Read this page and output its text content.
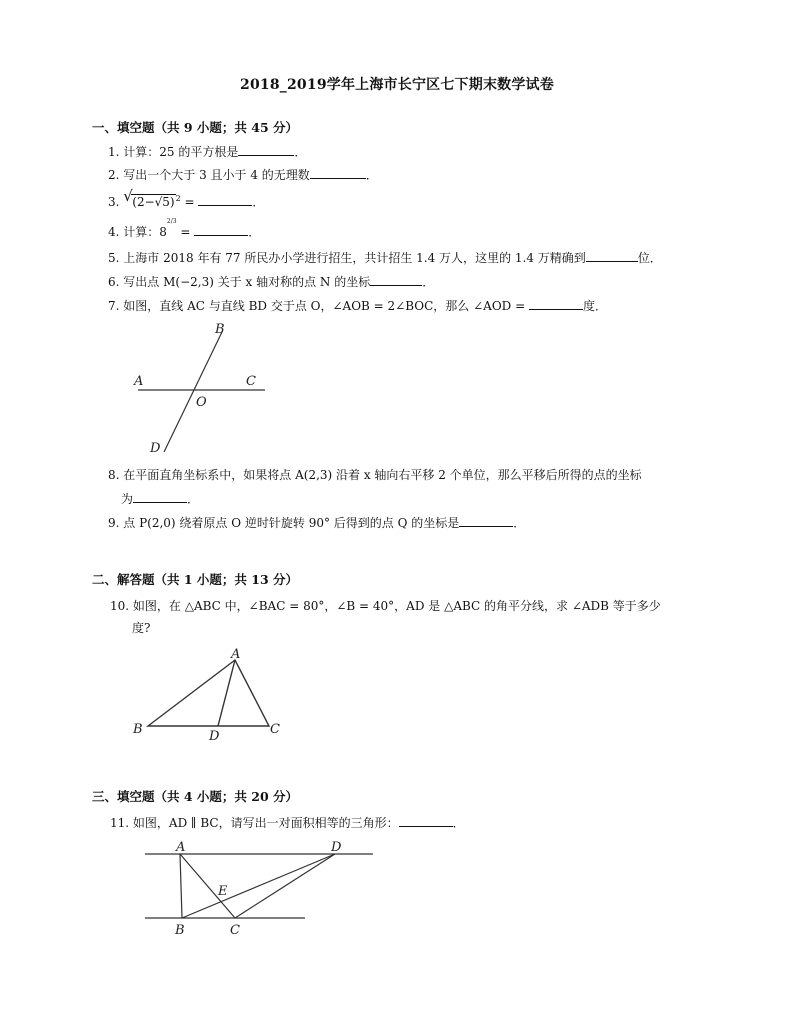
2018_2019学年上海市长宁区七下期末数学试卷
一、填空题（共 9 小题；共 45 分）
1. 计算：25 的平方根是	．
2. 写出一个大于 3 且小于 4 的无理数	．
3. √ $(2-√5)^2$ =	．
4. 计算：$8^{2/3}$ =	．
5. 上海市 2018 年有 77 所民办小学进行招生，共计招生 1.4 万人，这里的 1.4 万精确到	位．
6. 写出点 M(−2,3) 关于 x 轴对称的点 N 的坐标	．
7. 如图，直线 AC 与直线 BD 交于点 O，∠AOB = 2∠BOC，那么 ∠AOD =	度．
B
A	C
O
D
8. 在平面直角坐标系中，如果将点 A(2,3) 沿着 x 轴向右平移 2 个单位，那么平移后所得的点的坐标
为	．
9. 点 P(2,0) 绕着原点 O 逆时针旋转 90° 后得到的点 Q 的坐标是	．
二、解答题（共 1 小题；共 13 分）
10. 如图，在 △ABC 中，∠BAC = 80°，∠B = 40°，AD 是 △ABC 的角平分线，求 ∠ADB 等于多少
度?
A
B	D	C
三、填空题（共 4 小题；共 20 分）
11. 如图，AD ∥ BC，请写出一对面积相等的三角形：	．
A	D
E
B	C
